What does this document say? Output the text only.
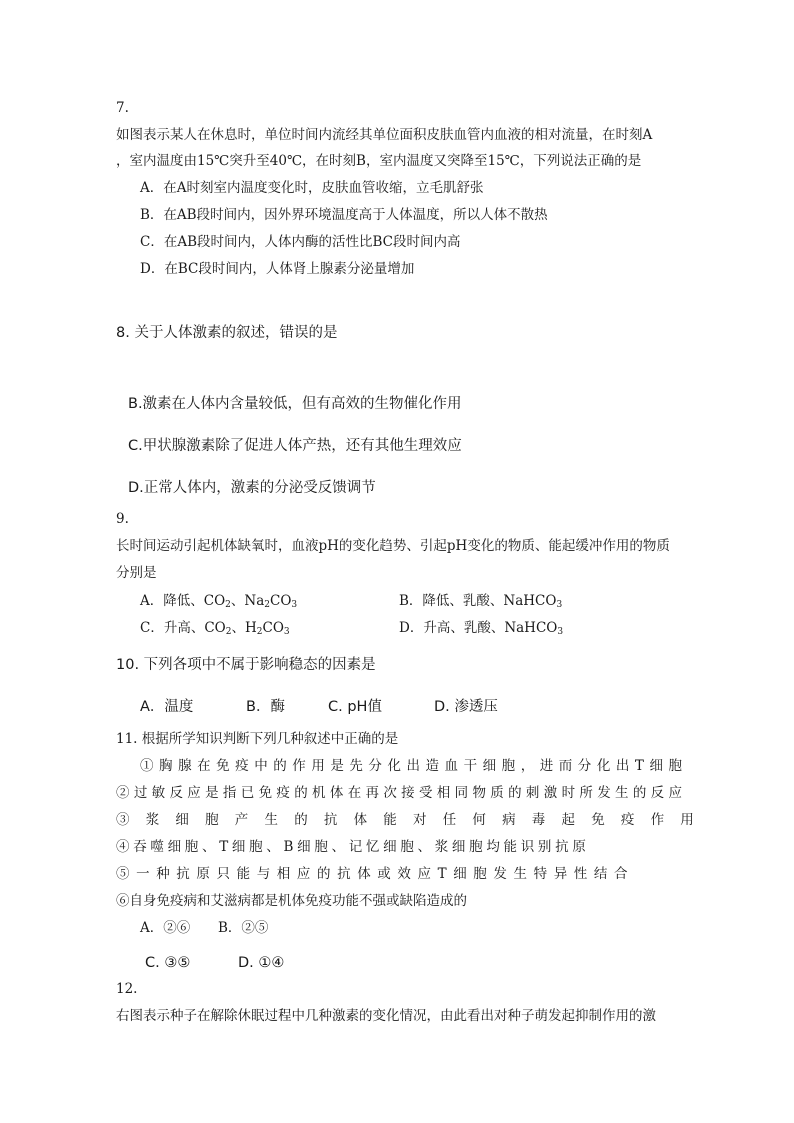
7.
如图表示某人在休息时，单位时间内流经其单位面积皮肤血管内血液的相对流量，在时刻A
，室内温度由15℃突升至40℃，在时刻B，室内温度又突降至15℃，下列说法正确的是
A．在A时刻室内温度变化时，皮肤血管收缩，立毛肌舒张
B．在AB段时间内，因外界环境温度高于人体温度，所以人体不散热
C．在AB段时间内，人体内酶的活性比BC段时间内高
D．在BC段时间内，人体肾上腺素分泌量增加
8. 关于人体激素的叙述，错误的是
B.激素在人体内含量较低，但有高效的生物催化作用
C.甲状腺激素除了促进人体产热，还有其他生理效应
D.正常人体内，激素的分泌受反馈调节
9.
长时间运动引起机体缺氧时，血液pH的变化趋势、引起pH变化的物质、能起缓冲作用的物质
分别是
A．降低、$CO_2$、$Na_2CO_3$	B．降低、乳酸、NaHCO$_3$
C．升高、$CO_2$、$H_2CO_3$	D．升高、乳酸、NaHCO$_3$
10. 下列各项中不属于影响稳态的因素是
A．温度	B．酶	C. pH值	D. 渗透压
11. 根据所学知识判断下列几种叙述中正确的是
①胸腺在免疫中的作用是先分化出造血干细胞，进而分化出T细胞
②过敏反应是指已免疫的机体在再次接受相同物质的刺激时所发生的反应
③浆细胞产生的抗体能对任何病毒起免疫作用
④吞噬细胞、T细胞、B细胞、记忆细胞、浆细胞均能识别抗原
⑤一种抗原只能与相应的抗体或效应T细胞发生特异性结合
⑥自身免疫病和艾滋病都是机体免疫功能不强或缺陷造成的
A．②⑥ B．②⑤
C. ③⑤	D. ①④
12.
右图表示种子在解除休眠过程中几种激素的变化情况，由此看出对种子萌发起抑制作用的激
